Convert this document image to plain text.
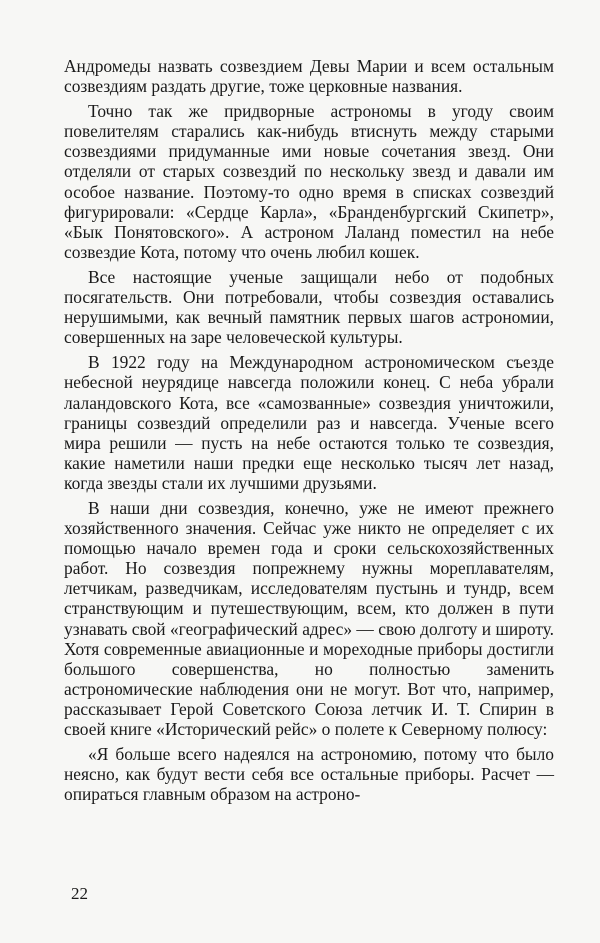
Андромеды назвать созвездием Девы Марии и всем остальным созвездиям раздать другие, тоже церковные названия.

Точно так же придворные астрономы в угоду своим повелителям старались как-нибудь втиснуть между старыми созвездиями придуманные ими новые сочетания звезд. Они отделяли от старых созвездий по нескольку звезд и давали им особое название. Поэтому-то одно время в списках созвездий фигурировали: «Сердце Карла», «Бранденбургский Скипетр», «Бык Понятовского». А астроном Лаланд поместил на небе созвездие Кота, потому что очень любил кошек.

Все настоящие ученые защищали небо от подобных посягательств. Они потребовали, чтобы созвездия оставались нерушимыми, как вечный памятник первых шагов астрономии, совершенных на заре человеческой культуры.

В 1922 году на Международном астрономическом съезде небесной неурядице навсегда положили конец. С неба убрали лаландовского Кота, все «самозванные» созвездия уничтожили, границы созвездий определили раз и навсегда. Ученые всего мира решили — пусть на небе остаются только те созвездия, какие наметили наши предки еще несколько тысяч лет назад, когда звезды стали их лучшими друзьями.

В наши дни созвездия, конечно, уже не имеют прежнего хозяйственного значения. Сейчас уже никто не определяет с их помощью начало времен года и сроки сельскохозяйственных работ. Но созвездия попрежнему нужны мореплавателям, летчикам, разведчикам, исследователям пустынь и тундр, всем странствующим и путешествующим, всем, кто должен в пути узнавать свой «географический адрес» — свою долготу и широту. Хотя современные авиационные и мореходные приборы достигли большого совершенства, но полностью заменить астрономические наблюдения они не могут. Вот что, например, рассказывает Герой Советского Союза летчик И. Т. Спирин в своей книге «Исторический рейс» о полете к Северному полюсу:

«Я больше всего надеялся на астрономию, потому что было неясно, как будут вести себя все остальные приборы. Расчет — опираться главным образом на астроно-

22
